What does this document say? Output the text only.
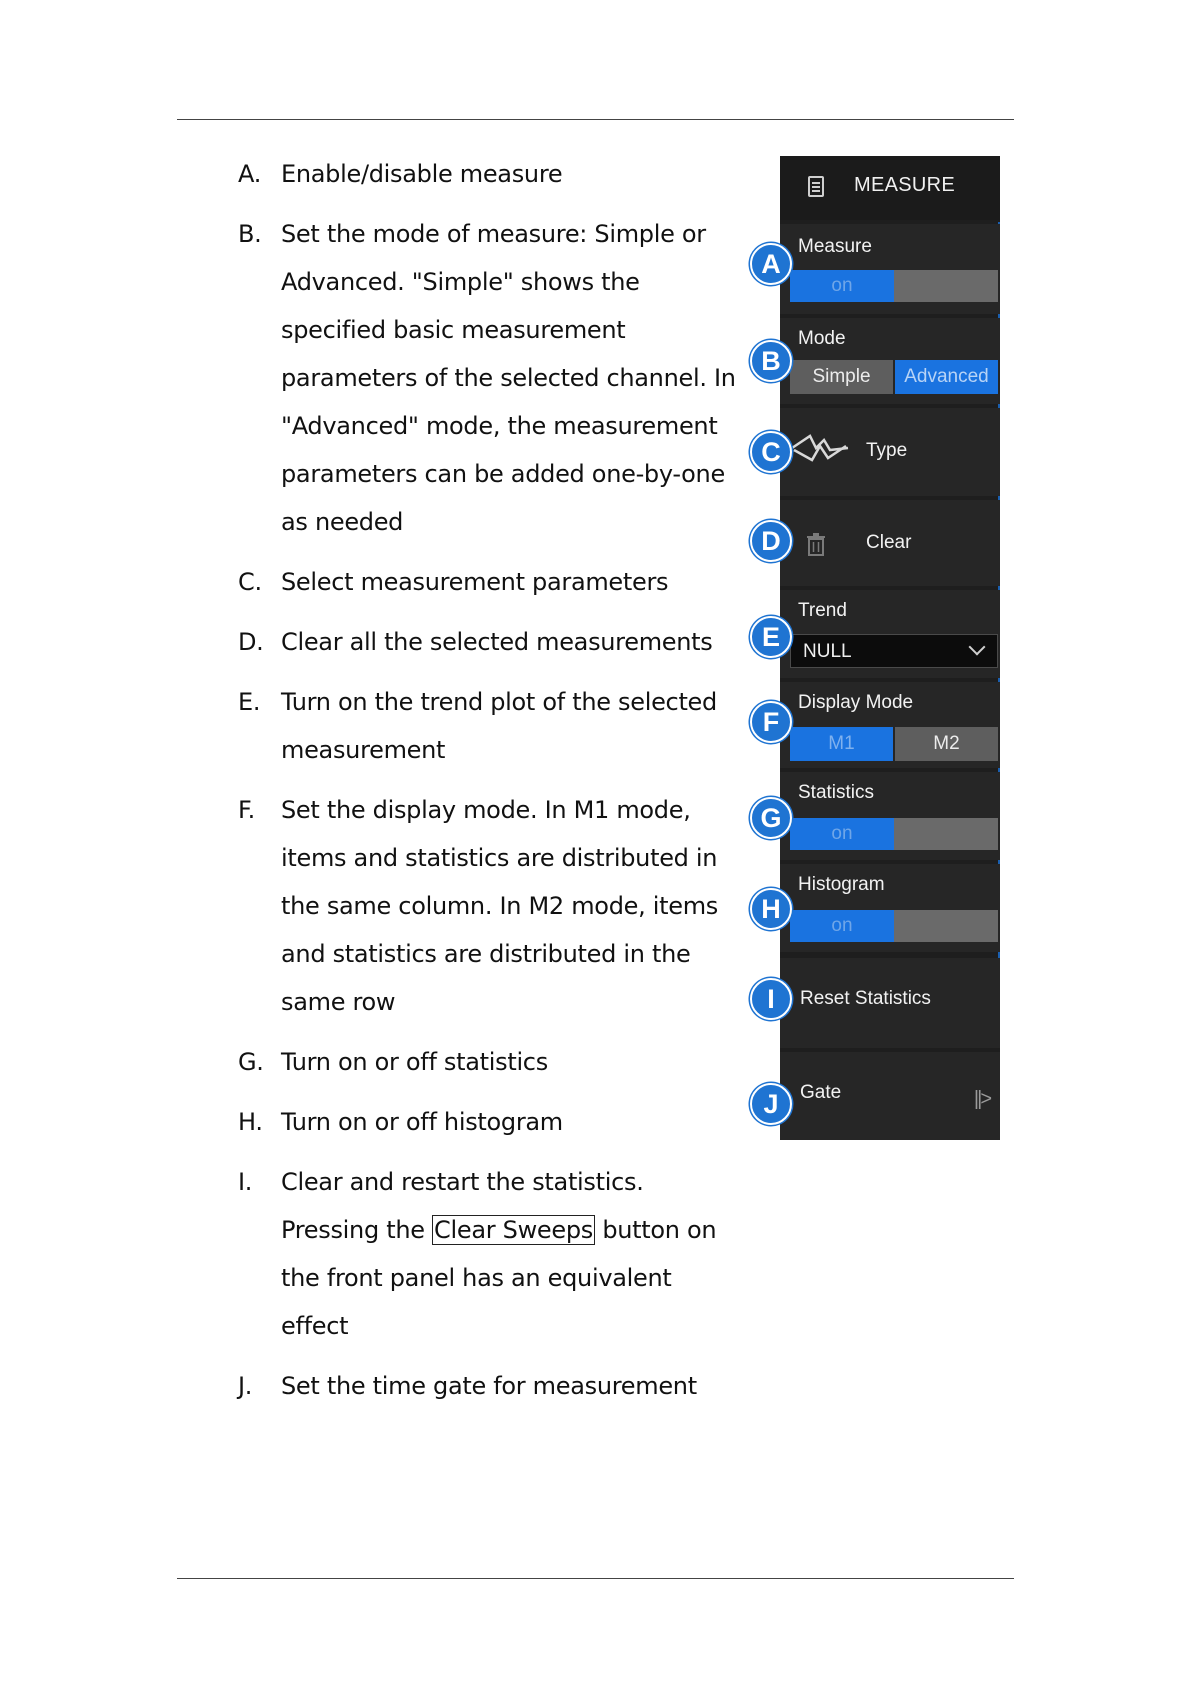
A. Enable/disable measure
B. Set the mode of measure: Simple or Advanced. "Simple" shows the specified basic measurement parameters of the selected channel. In "Advanced" mode, the measurement parameters can be added one-by-one as needed
C. Select measurement parameters
D. Clear all the selected measurements
E. Turn on the trend plot of the selected measurement
F.	Set the display mode. In M1 mode, items and statistics are distributed in the same column. In M2 mode, items and statistics are distributed in the same row
G. Turn on or off statistics
H. Turn on or off histogram
I.	Clear and restart the statistics. Pressing the Clear Sweeps button on the front panel has an equivalent effect
J.	Set the time gate for measurement
MEASURE
Measure
on
Mode
Simple	Advanced
Type
Clear
Trend
NULL
Display Mode
M1	M2
Statistics
on
Histogram
on
Reset Statistics
Gate	||>
A
B
C
D
E
F
G
H
I
J
